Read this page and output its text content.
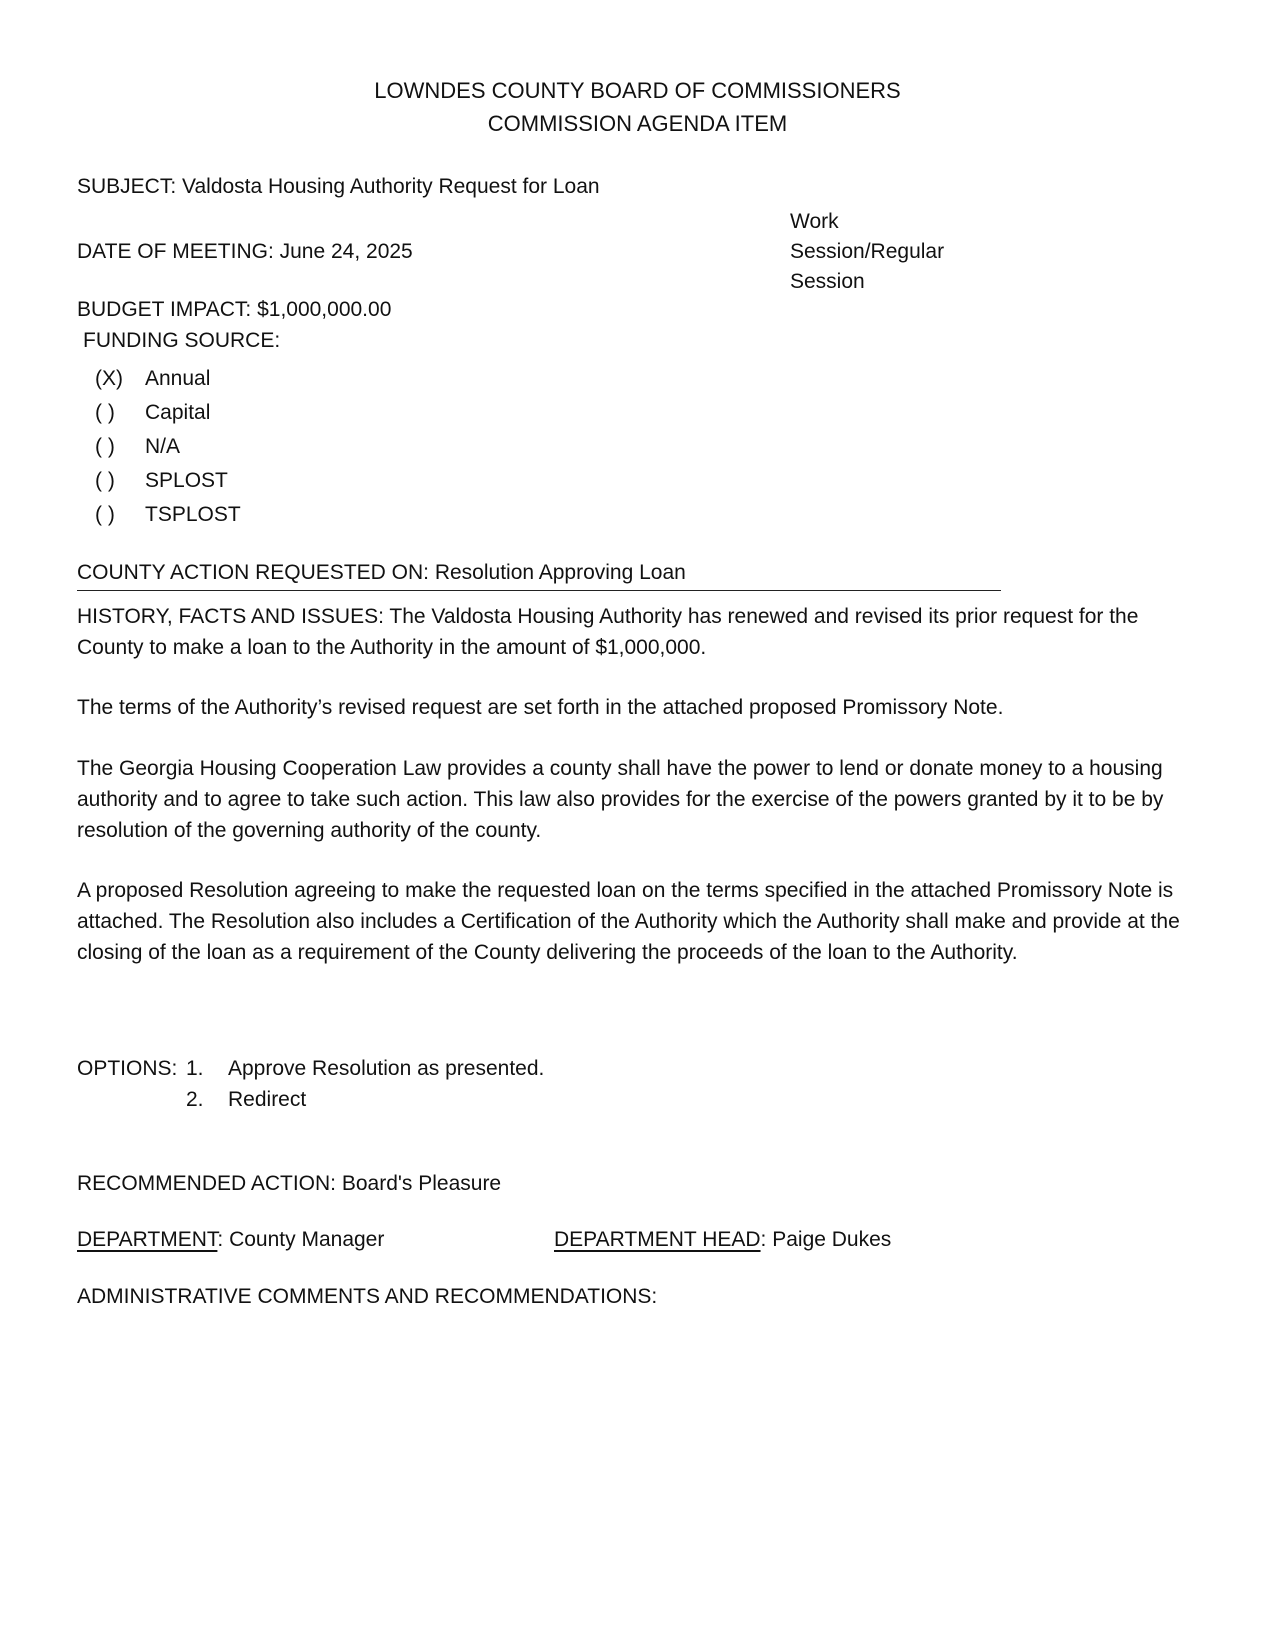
LOWNDES COUNTY BOARD OF COMMISSIONERS
COMMISSION AGENDA ITEM
SUBJECT: Valdosta Housing Authority Request for Loan
DATE OF MEETING: June 24, 2025
Work
Session/Regular
Session
BUDGET IMPACT: $1,000,000.00
FUNDING SOURCE:
(X) Annual
( ) Capital
( ) N/A
( ) SPLOST
( ) TSPLOST
COUNTY ACTION REQUESTED ON: Resolution Approving Loan
HISTORY, FACTS AND ISSUES: The Valdosta Housing Authority has renewed and revised its prior request for the County to make a loan to the Authority in the amount of $1,000,000.
The terms of the Authority’s revised request are set forth in the attached proposed Promissory Note.
The Georgia Housing Cooperation Law provides a county shall have the power to lend or donate money to a housing authority and to agree to take such action. This law also provides for the exercise of the powers granted by it to be by resolution of the governing authority of the county.
A proposed Resolution agreeing to make the requested loan on the terms specified in the attached Promissory Note is attached. The Resolution also includes a Certification of the Authority which the Authority shall make and provide at the closing of the loan as a requirement of the County delivering the proceeds of the loan to the Authority.
OPTIONS: 1. Approve Resolution as presented.
2. Redirect
RECOMMENDED ACTION: Board's Pleasure
DEPARTMENT: County Manager	DEPARTMENT HEAD: Paige Dukes
ADMINISTRATIVE COMMENTS AND RECOMMENDATIONS:
